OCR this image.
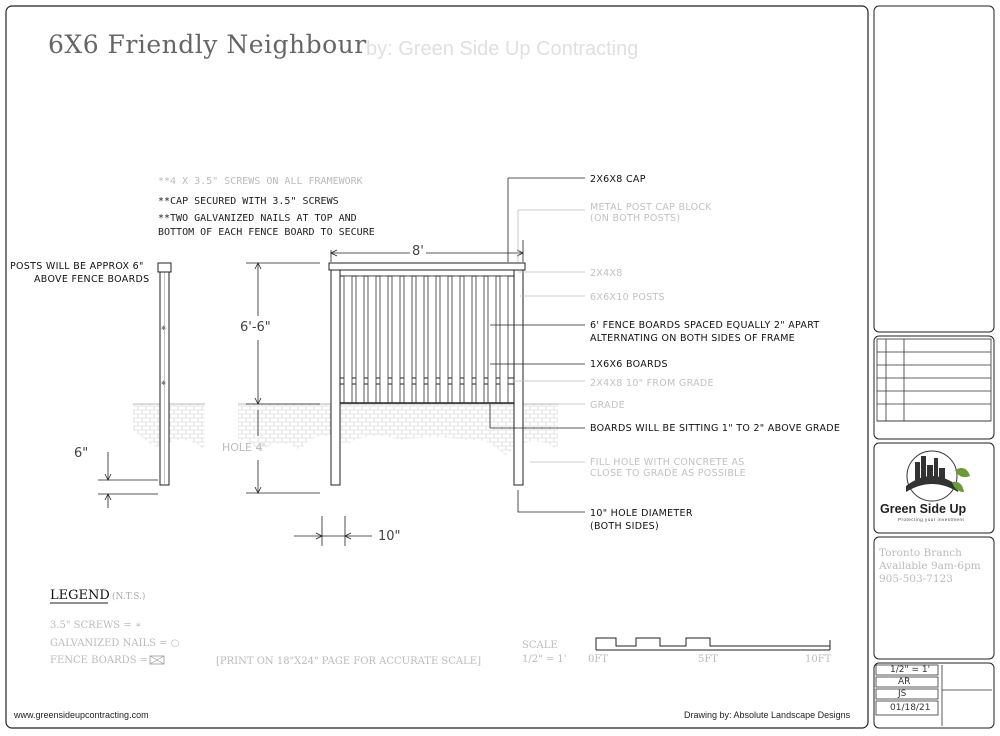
✱
✱
6X6 Friendly Neighbour by: Green Side Up Contracting
**4 X 3.5" SCREWS ON ALL FRAMEWORK
**CAP SECURED WITH 3.5" SCREWS
**TWO GALVANIZED NAILS AT TOP AND
BOTTOM OF EACH FENCE BOARD TO SECURE
POSTS WILL BE APPROX 6"
ABOVE FENCE BOARDS
6"
8'
6'-6"
HOLE 4'
10"
2X6X8 CAP
METAL POST CAP BLOCK
(ON BOTH POSTS)
2X4X8
6X6X10 POSTS
6' FENCE BOARDS SPACED EQUALLY 2" APART
ALTERNATING ON BOTH SIDES OF FRAME
1X6X6 BOARDS
2X4X8 10" FROM GRADE
GRADE
BOARDS WILL BE SITTING 1" TO 2" ABOVE GRADE
FILL HOLE WITH CONCRETE AS
CLOSE TO GRADE AS POSSIBLE
10" HOLE DIAMETER
(BOTH SIDES)
LEGEND (N.T.S.)
3.5" SCREWS = ∗
GALVANIZED NAILS = ○
FENCE BOARDS =	[PRINT ON 18"X24" PAGE FOR ACCURATE SCALE]
SCALE
1/2" = 1' 0FT	5FT	10FT
www.greensideupcontracting.com	Drawing by: Absolute Landscape Designs
Green Side Up
Protecting your investment
Toronto Branch
Available 9am-6pm
905-503-7123
1/2" = 1'
AR
JS
01/18/21
